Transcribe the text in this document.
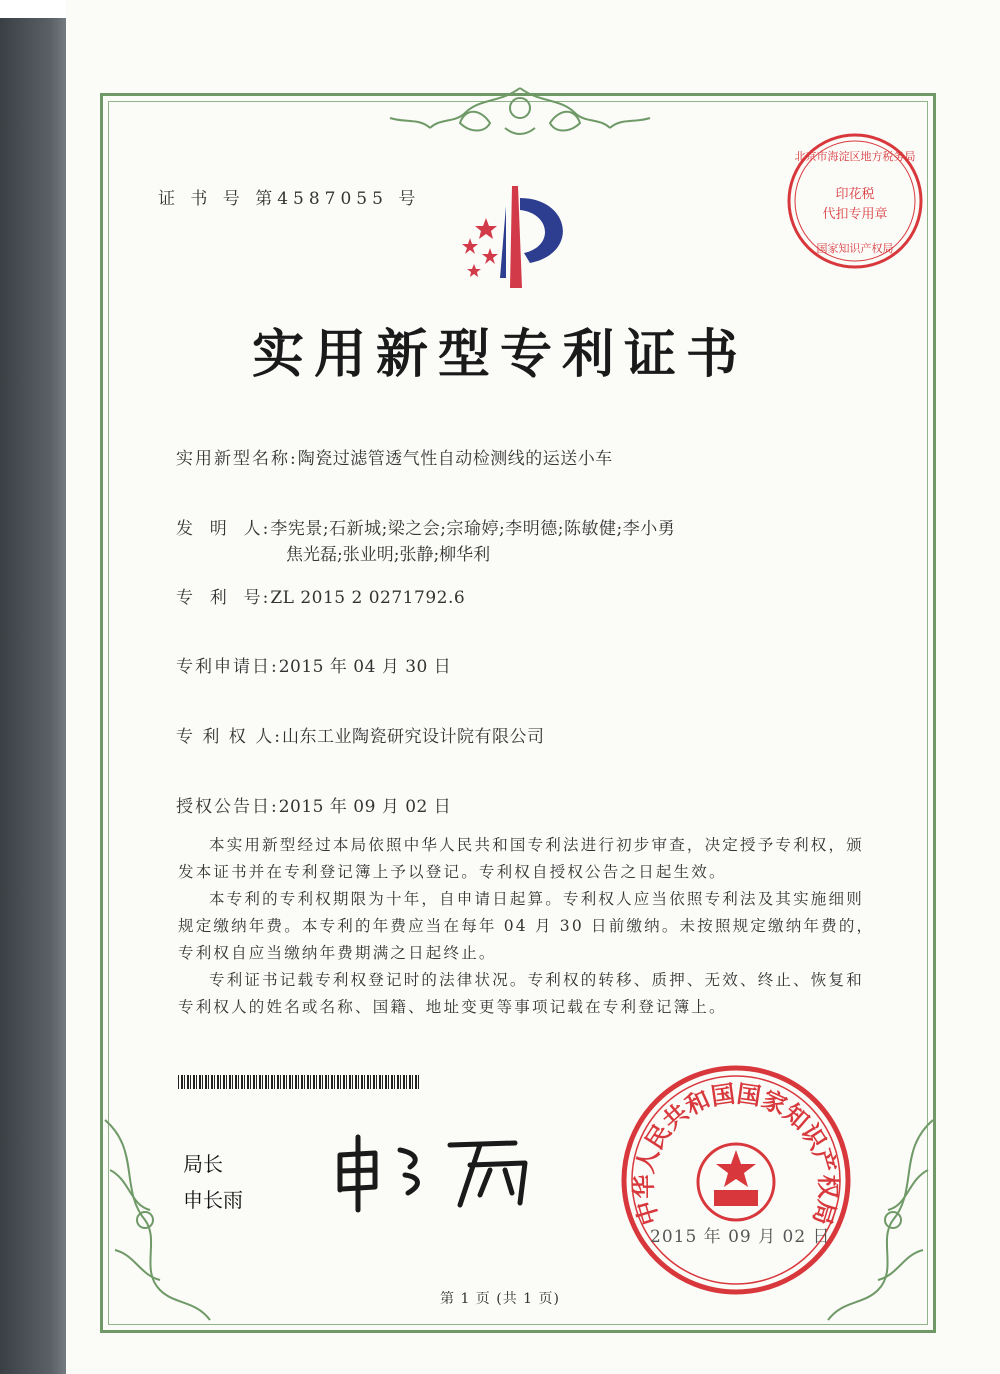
证 书 号 第4587055 号
北京市海淀区地方税务局
印花税
代扣专用章
国家知识产权局
实用新型专利证书
实用新型名称:陶瓷过滤管透气性自动检测线的运送小车
发  明  人:李宪景;石新城;梁之会;宗瑜婷;李明德;陈敏健;李小勇
焦光磊;张业明;张静;柳华利
专  利  号:ZL 2015 2 0271792.6
专利申请日:2015 年 04 月 30 日
专 利 权 人:山东工业陶瓷研究设计院有限公司
授权公告日:2015 年 09 月 02 日

本实用新型经过本局依照中华人民共和国专利法进行初步审查，决定授予专利权，颁发本证书并在专利登记簿上予以登记。专利权自授权公告之日起生效。

本专利的专利权期限为十年，自申请日起算。专利权人应当依照专利法及其实施细则规定缴纳年费。本专利的年费应当在每年 04 月 30 日前缴纳。未按照规定缴纳年费的，专利权自应当缴纳年费期满之日起终止。

专利证书记载专利权登记时的法律状况。专利权的转移、质押、无效、终止、恢复和专利权人的姓名或名称、国籍、地址变更等事项记载在专利登记簿上。

局长
申长雨	中华人民共和国国家知识产权局
2015 年 09 月 02 日
第 1 页 (共 1 页)
